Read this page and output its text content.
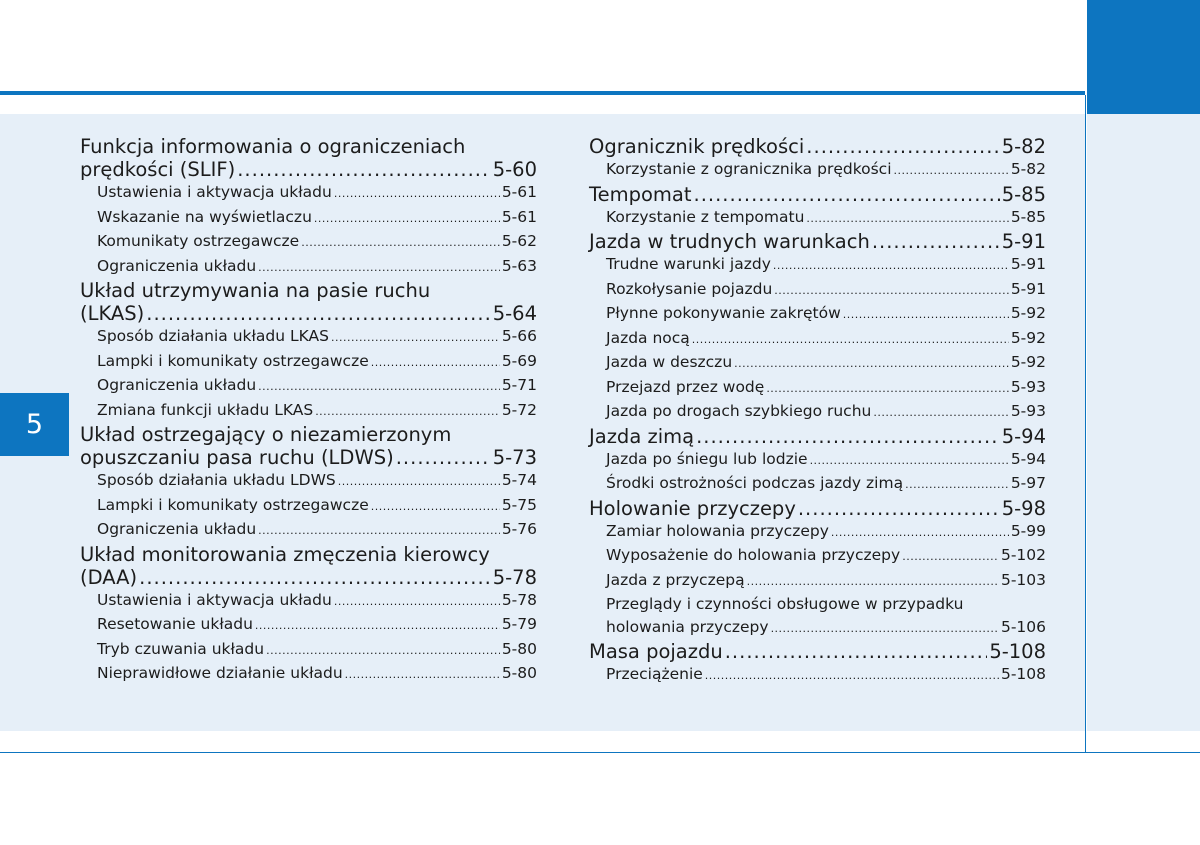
5
Funkcja informowania o ograniczeniach
prędkości (SLIF) .....	5-60
Ustawienia i aktywacja układu .....	5-61
Wskazanie na wyświetlaczu .....	5-61
Komunikaty ostrzegawcze .....	5-62
Ograniczenia układu .....	5-63
Układ utrzymywania na pasie ruchu
(LKAS) .....	5-64
Sposób działania układu LKAS .....	5-66
Lampki i komunikaty ostrzegawcze .....	5-69
Ograniczenia układu .....	5-71
Zmiana funkcji układu LKAS .....	5-72
Układ ostrzegający o niezamierzonym
opuszczaniu pasa ruchu (LDWS) .....	5-73
Sposób działania układu LDWS .....	5-74
Lampki i komunikaty ostrzegawcze .....	5-75
Ograniczenia układu .....	5-76
Układ monitorowania zmęczenia kierowcy
(DAA) .....	5-78
Ustawienia i aktywacja układu .....	5-78
Resetowanie układu .....	5-79
Tryb czuwania układu .....	5-80
Nieprawidłowe działanie układu .....	5-80
Ogranicznik prędkości .....	5-82
Korzystanie z ogranicznika prędkości .....	5-82
Tempomat .....	5-85
Korzystanie z tempomatu .....	5-85
Jazda w trudnych warunkach .....	5-91
Trudne warunki jazdy .....	5-91
Rozkołysanie pojazdu .....	5-91
Płynne pokonywanie zakrętów .....	5-92
Jazda nocą .....	5-92
Jazda w deszczu .....	5-92
Przejazd przez wodę .....	5-93
Jazda po drogach szybkiego ruchu .....	5-93
Jazda zimą .....	5-94
Jazda po śniegu lub lodzie .....	5-94
Środki ostrożności podczas jazdy zimą .....	5-97
Holowanie przyczepy .....	5-98
Zamiar holowania przyczepy .....	5-99
Wyposażenie do holowania przyczepy .....	5-102
Jazda z przyczepą .....	5-103
Przeglądy i czynności obsługowe w przypadku
holowania przyczepy .....	5-106
Masa pojazdu .....	5-108
Przeciążenie .....	5-108
